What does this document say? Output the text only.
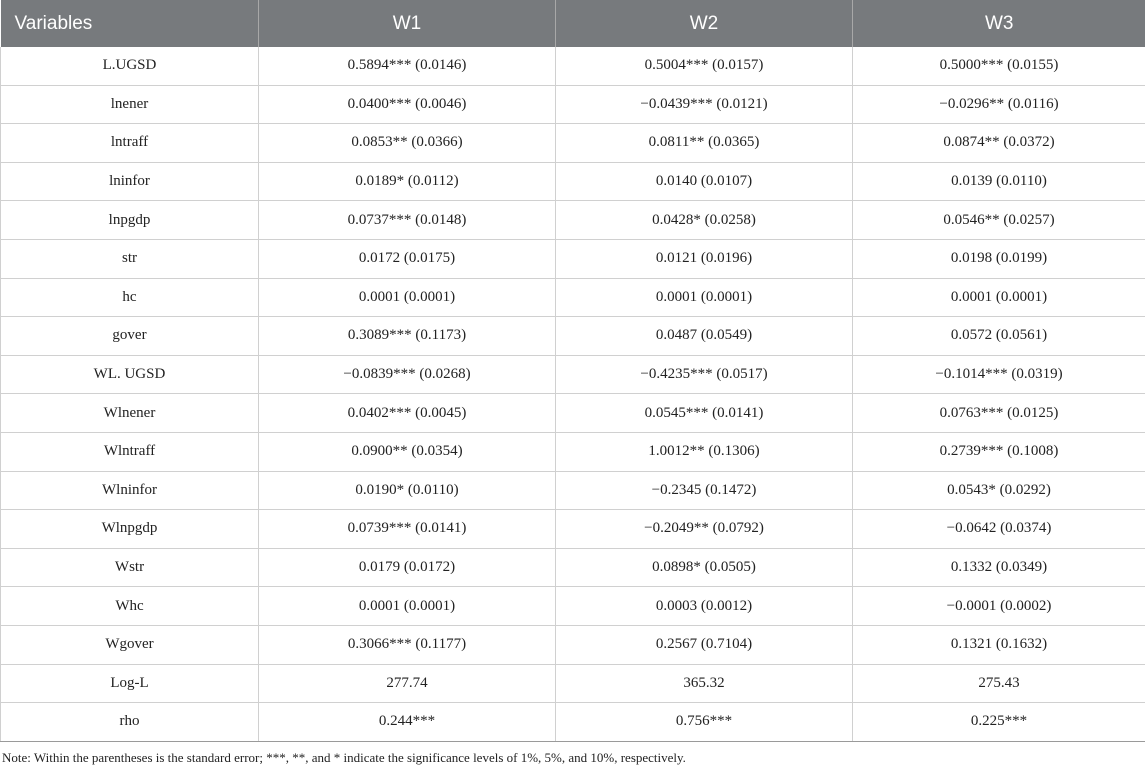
Variables	W1	W2	W3
L.UGSD	0.5894*** (0.0146)	0.5004*** (0.0157)	0.5000*** (0.0155)
lnener	0.0400*** (0.0046)	−0.0439*** (0.0121)	−0.0296** (0.0116)
lntraff	0.0853** (0.0366)	0.0811** (0.0365)	0.0874** (0.0372)
lninfor	0.0189* (0.0112)	0.0140 (0.0107)	0.0139 (0.0110)
lnpgdp	0.0737*** (0.0148)	0.0428* (0.0258)	0.0546** (0.0257)
str	0.0172 (0.0175)	0.0121 (0.0196)	0.0198 (0.0199)
hc	0.0001 (0.0001)	0.0001 (0.0001)	0.0001 (0.0001)
gover	0.3089*** (0.1173)	0.0487 (0.0549)	0.0572 (0.0561)
WL. UGSD	−0.0839*** (0.0268)	−0.4235*** (0.0517)	−0.1014*** (0.0319)
Wlnener	0.0402*** (0.0045)	0.0545*** (0.0141)	0.0763*** (0.0125)
Wlntraff	0.0900** (0.0354)	1.0012** (0.1306)	0.2739*** (0.1008)
Wlninfor	0.0190* (0.0110)	−0.2345 (0.1472)	0.0543* (0.0292)
Wlnpgdp	0.0739*** (0.0141)	−0.2049** (0.0792)	−0.0642 (0.0374)
Wstr	0.0179 (0.0172)	0.0898* (0.0505)	0.1332 (0.0349)
Whc	0.0001 (0.0001)	0.0003 (0.0012)	−0.0001 (0.0002)
Wgover	0.3066*** (0.1177)	0.2567 (0.7104)	0.1321 (0.1632)
Log-L	277.74	365.32	275.43
rho	0.244***	0.756***	0.225***
Note: Within the parentheses is the standard error; ***, **, and * indicate the significance levels of 1%, 5%, and 10%, respectively.
